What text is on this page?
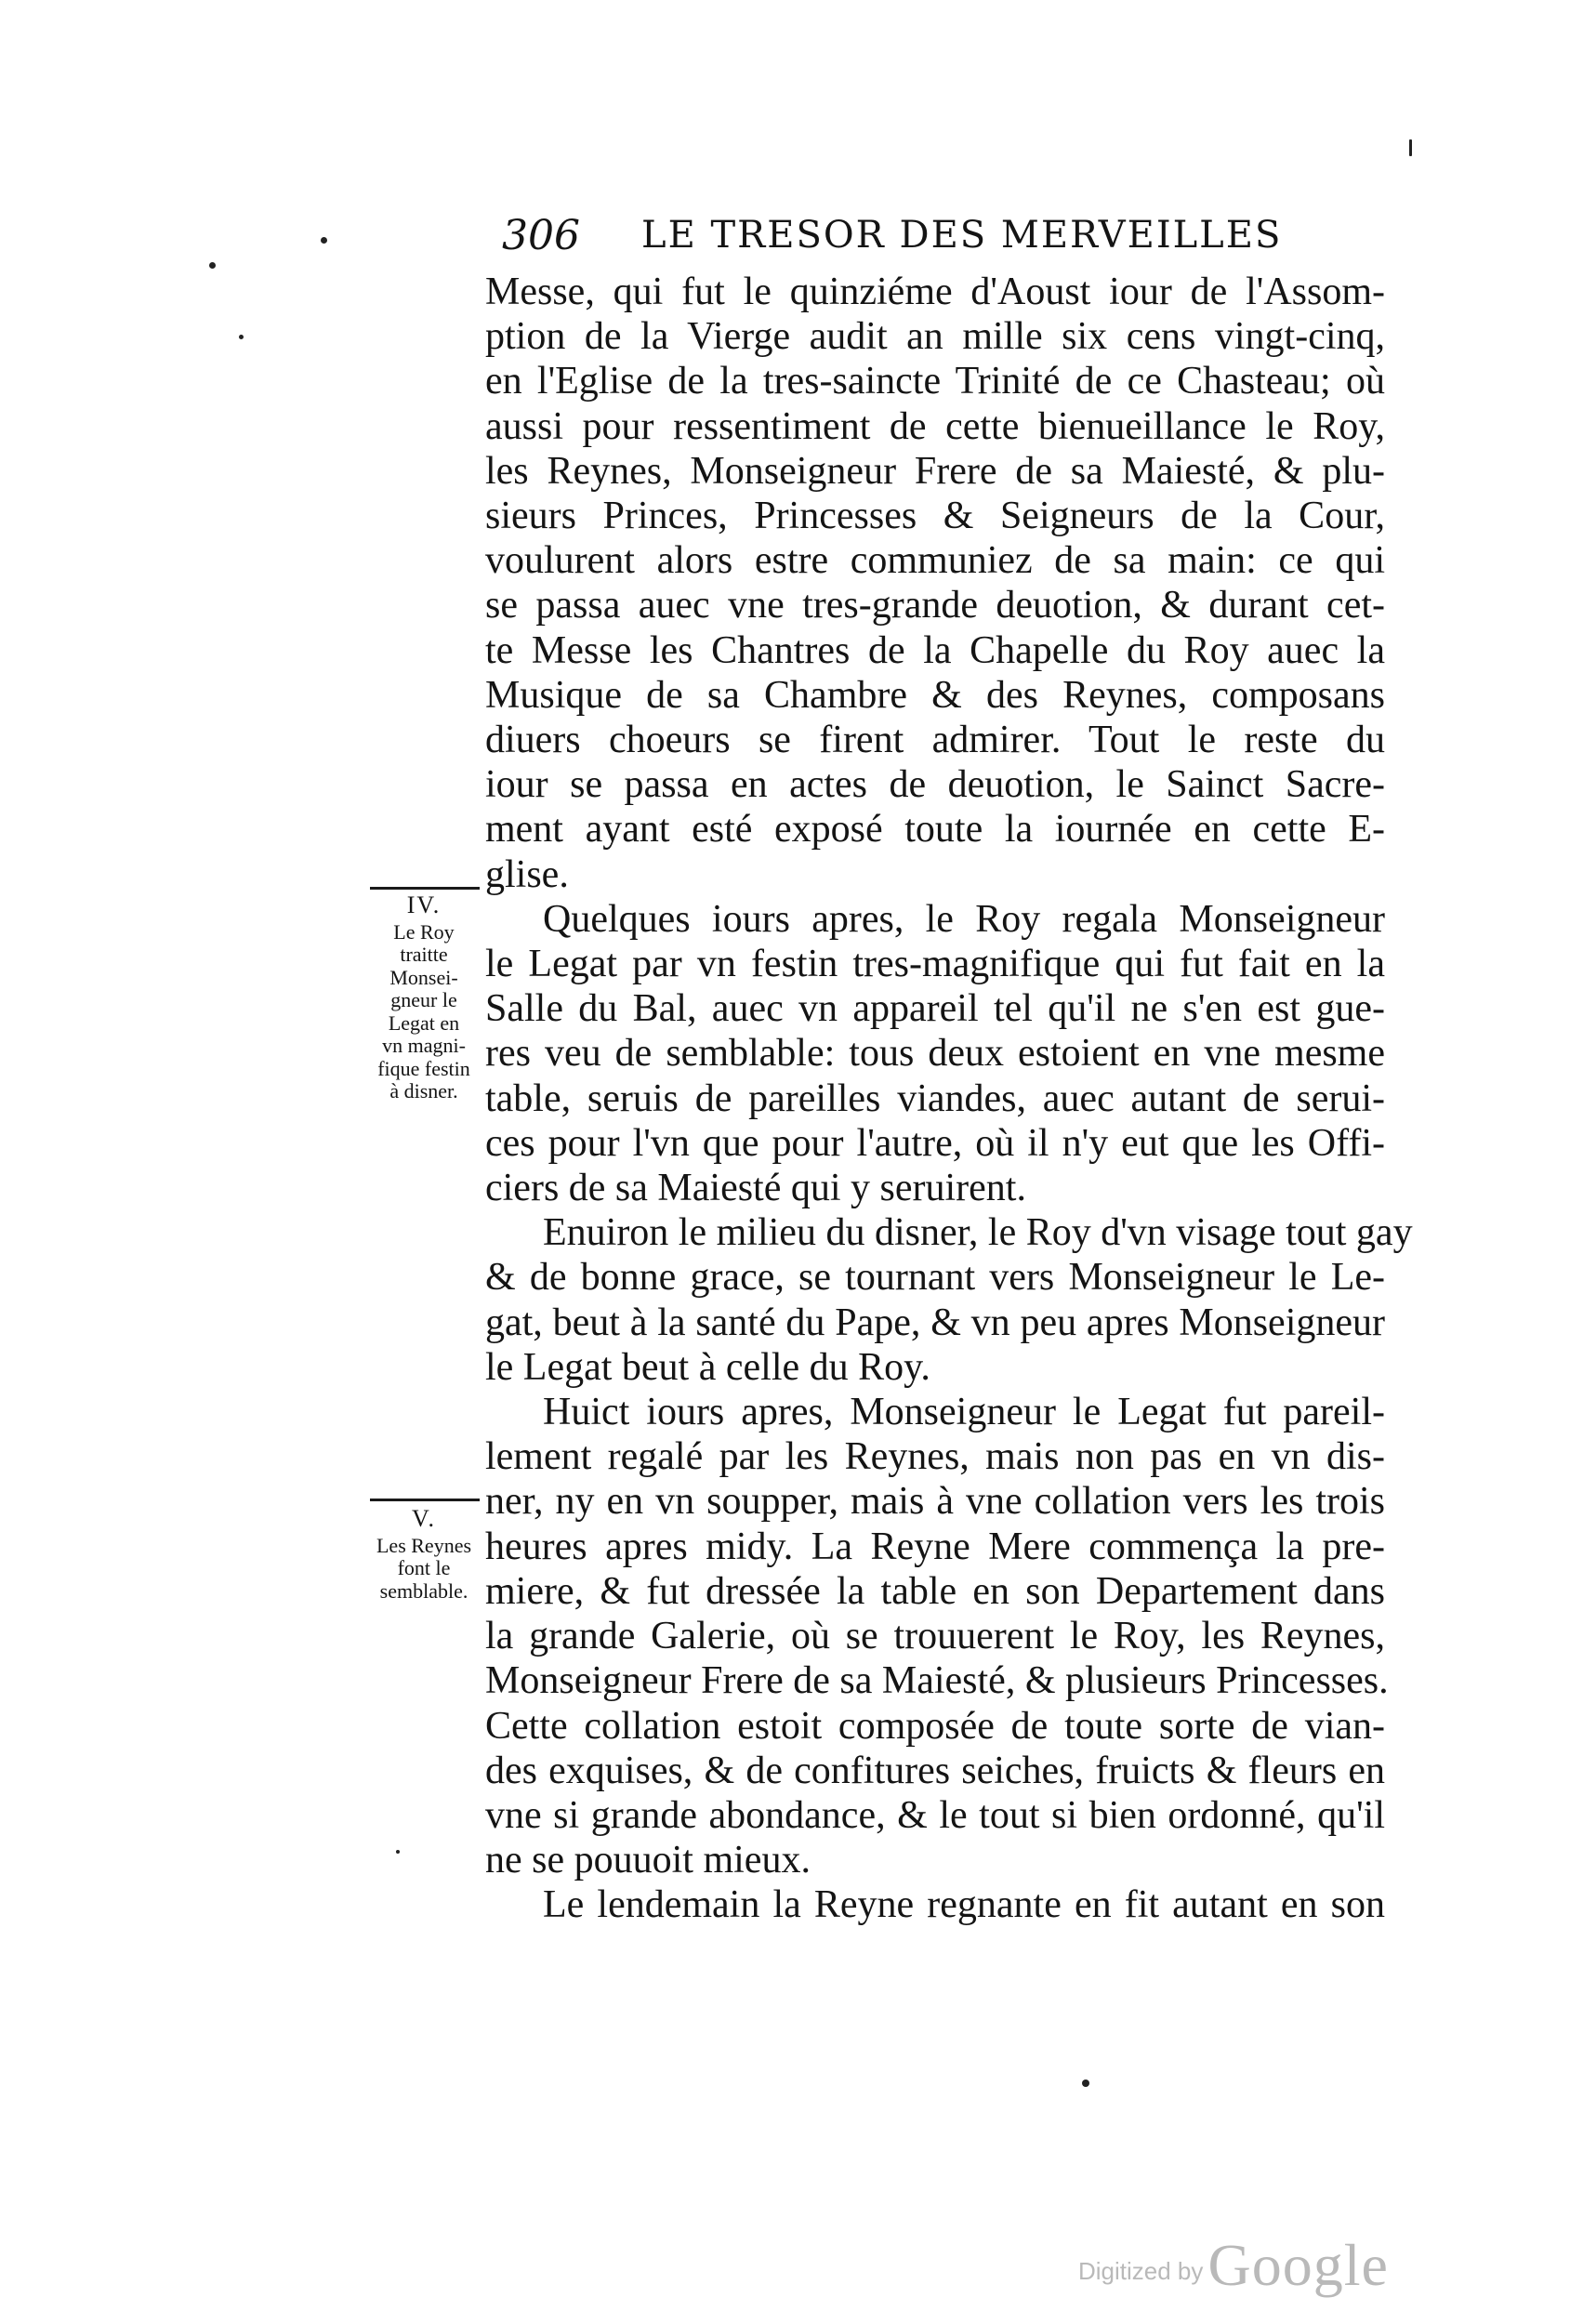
306 LE TRESOR DES MERVEILLES
Messe, qui fut le quinziéme d'Aoust iour de l'Assom-
ption de la Vierge audit an mille six cens vingt-cinq,
en l'Eglise de la tres-saincte Trinité de ce Chasteau; où
aussi pour ressentiment de cette bienueillance le Roy,
les Reynes, Monseigneur Frere de sa Maiesté, & plu-
sieurs Princes, Princesses & Seigneurs de la Cour,
voulurent alors estre communiez de sa main: ce qui
se passa auec vne tres-grande deuotion, & durant cet-
te Messe les Chantres de la Chapelle du Roy auec la
Musique de sa Chambre & des Reynes, composans
diuers choeurs se firent admirer. Tout le reste du
iour se passa en actes de deuotion, le Sainct Sacre-
ment ayant esté exposé toute la iournée en cette E-
glise.
Quelques iours apres, le Roy regala Monseigneur
le Legat par vn festin tres-magnifique qui fut fait en la
Salle du Bal, auec vn appareil tel qu'il ne s'en est gue-
res veu de semblable: tous deux estoient en vne mesme
table, seruis de pareilles viandes, auec autant de serui-
ces pour l'vn que pour l'autre, où il n'y eut que les Offi-
ciers de sa Maiesté qui y seruirent.
Enuiron le milieu du disner, le Roy d'vn visage tout gay
& de bonne grace, se tournant vers Monseigneur le Le-
gat, beut à la santé du Pape, & vn peu apres Monseigneur
le Legat beut à celle du Roy.
Huict iours apres, Monseigneur le Legat fut pareil-
lement regalé par les Reynes, mais non pas en vn dis-
ner, ny en vn soupper, mais à vne collation vers les trois
heures apres midy. La Reyne Mere commença la pre-
miere, & fut dressée la table en son Departement dans
la grande Galerie, où se trouuerent le Roy, les Reynes,
Monseigneur Frere de sa Maiesté, & plusieurs Princesses.
Cette collation estoit composée de toute sorte de vian-
des exquises, & de confitures seiches, fruicts & fleurs en
vne si grande abondance, & le tout si bien ordonné, qu'il
ne se pouuoit mieux.
Le lendemain la Reyne regnante en fit autant en son
IV.
Le Roy
traitte
Monsei-
gneur le
Legat en
vn magni-
fique festin
à disner.
V.
Les Reynes
font le
semblable.
Digitized by Google
